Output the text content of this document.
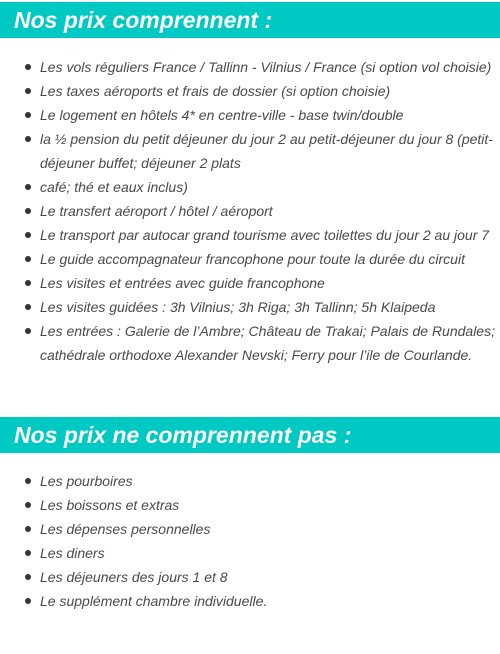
Nos prix comprennent :
Les vols réguliers France / Tallinn - Vilnius / France (si option vol choisie)
Les taxes aéroports et frais de dossier (si option choisie)
Le logement en hôtels 4* en centre-ville - base twin/double
la ½ pension du petit déjeuner du jour 2 au petit-déjeuner du jour 8 (petit-déjeuner buffet; déjeuner 2 plats
café; thé et eaux inclus)
Le transfert aéroport / hôtel / aéroport
Le transport par autocar grand tourisme avec toilettes du jour 2 au jour 7
Le guide accompagnateur francophone pour toute la durée du circuit
Les visites et entrées avec guide francophone
Les visites guidées : 3h Vilnius; 3h Riga; 3h Tallinn; 5h Klaipeda
Les entrées : Galerie de l’Ambre; Château de Trakai; Palais de Rundales; cathédrale orthodoxe Alexander Nevski; Ferry pour l’ile de Courlande.
Nos prix ne comprennent pas :
Les pourboires
Les boissons et extras
Les dépenses personnelles
Les diners
Les déjeuners des jours 1 et 8
Le supplément chambre individuelle.
